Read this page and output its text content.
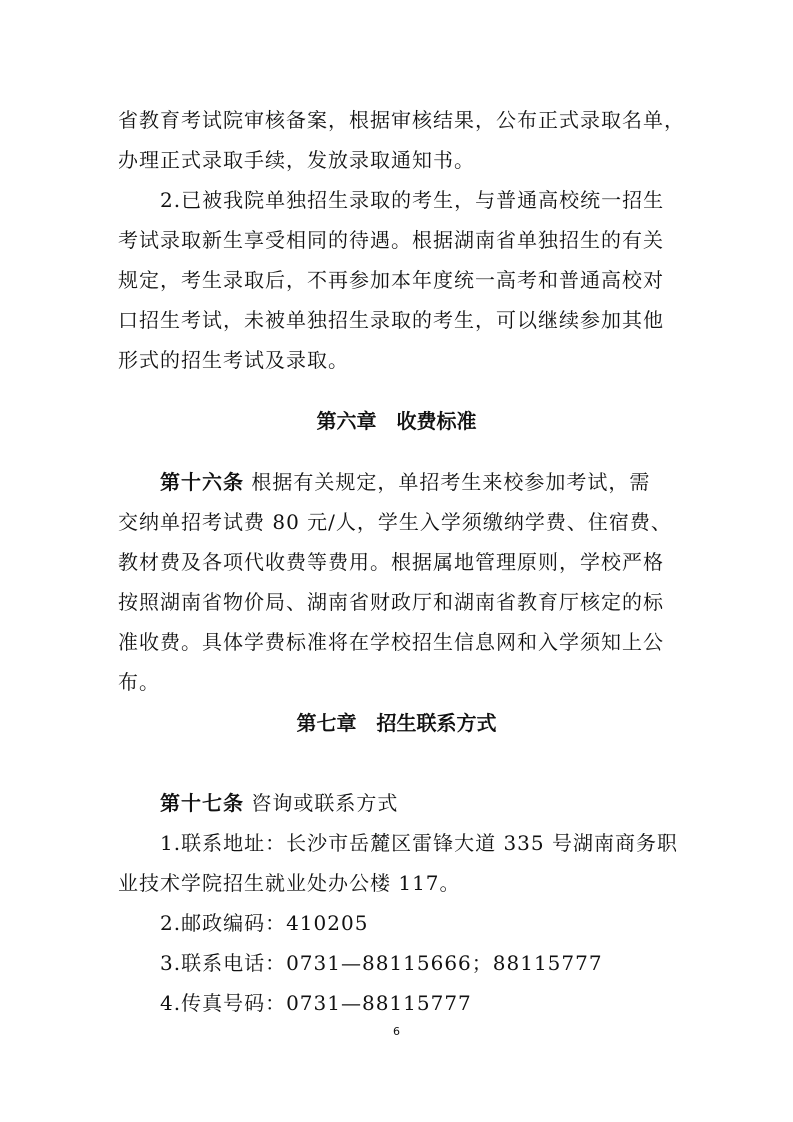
省教育考试院审核备案，根据审核结果，公布正式录取名单，
办理正式录取手续，发放录取通知书。
2.已被我院单独招生录取的考生，与普通高校统一招生
考试录取新生享受相同的待遇。根据湖南省单独招生的有关
规定，考生录取后，不再参加本年度统一高考和普通高校对
口招生考试，未被单独招生录取的考生，可以继续参加其他
形式的招生考试及录取。
第六章　收费标准
第十六条 根据有关规定，单招考生来校参加考试，需
交纳单招考试费 80 元/人，学生入学须缴纳学费、住宿费、
教材费及各项代收费等费用。根据属地管理原则，学校严格
按照湖南省物价局、湖南省财政厅和湖南省教育厅核定的标
准收费。具体学费标准将在学校招生信息网和入学须知上公
布。
第七章　招生联系方式
第十七条 咨询或联系方式
1.联系地址：长沙市岳麓区雷锋大道 335 号湖南商务职
业技术学院招生就业处办公楼 117。
2.邮政编码：410205
3.联系电话：0731—88115666；88115777
4.传真号码：0731—88115777
6
